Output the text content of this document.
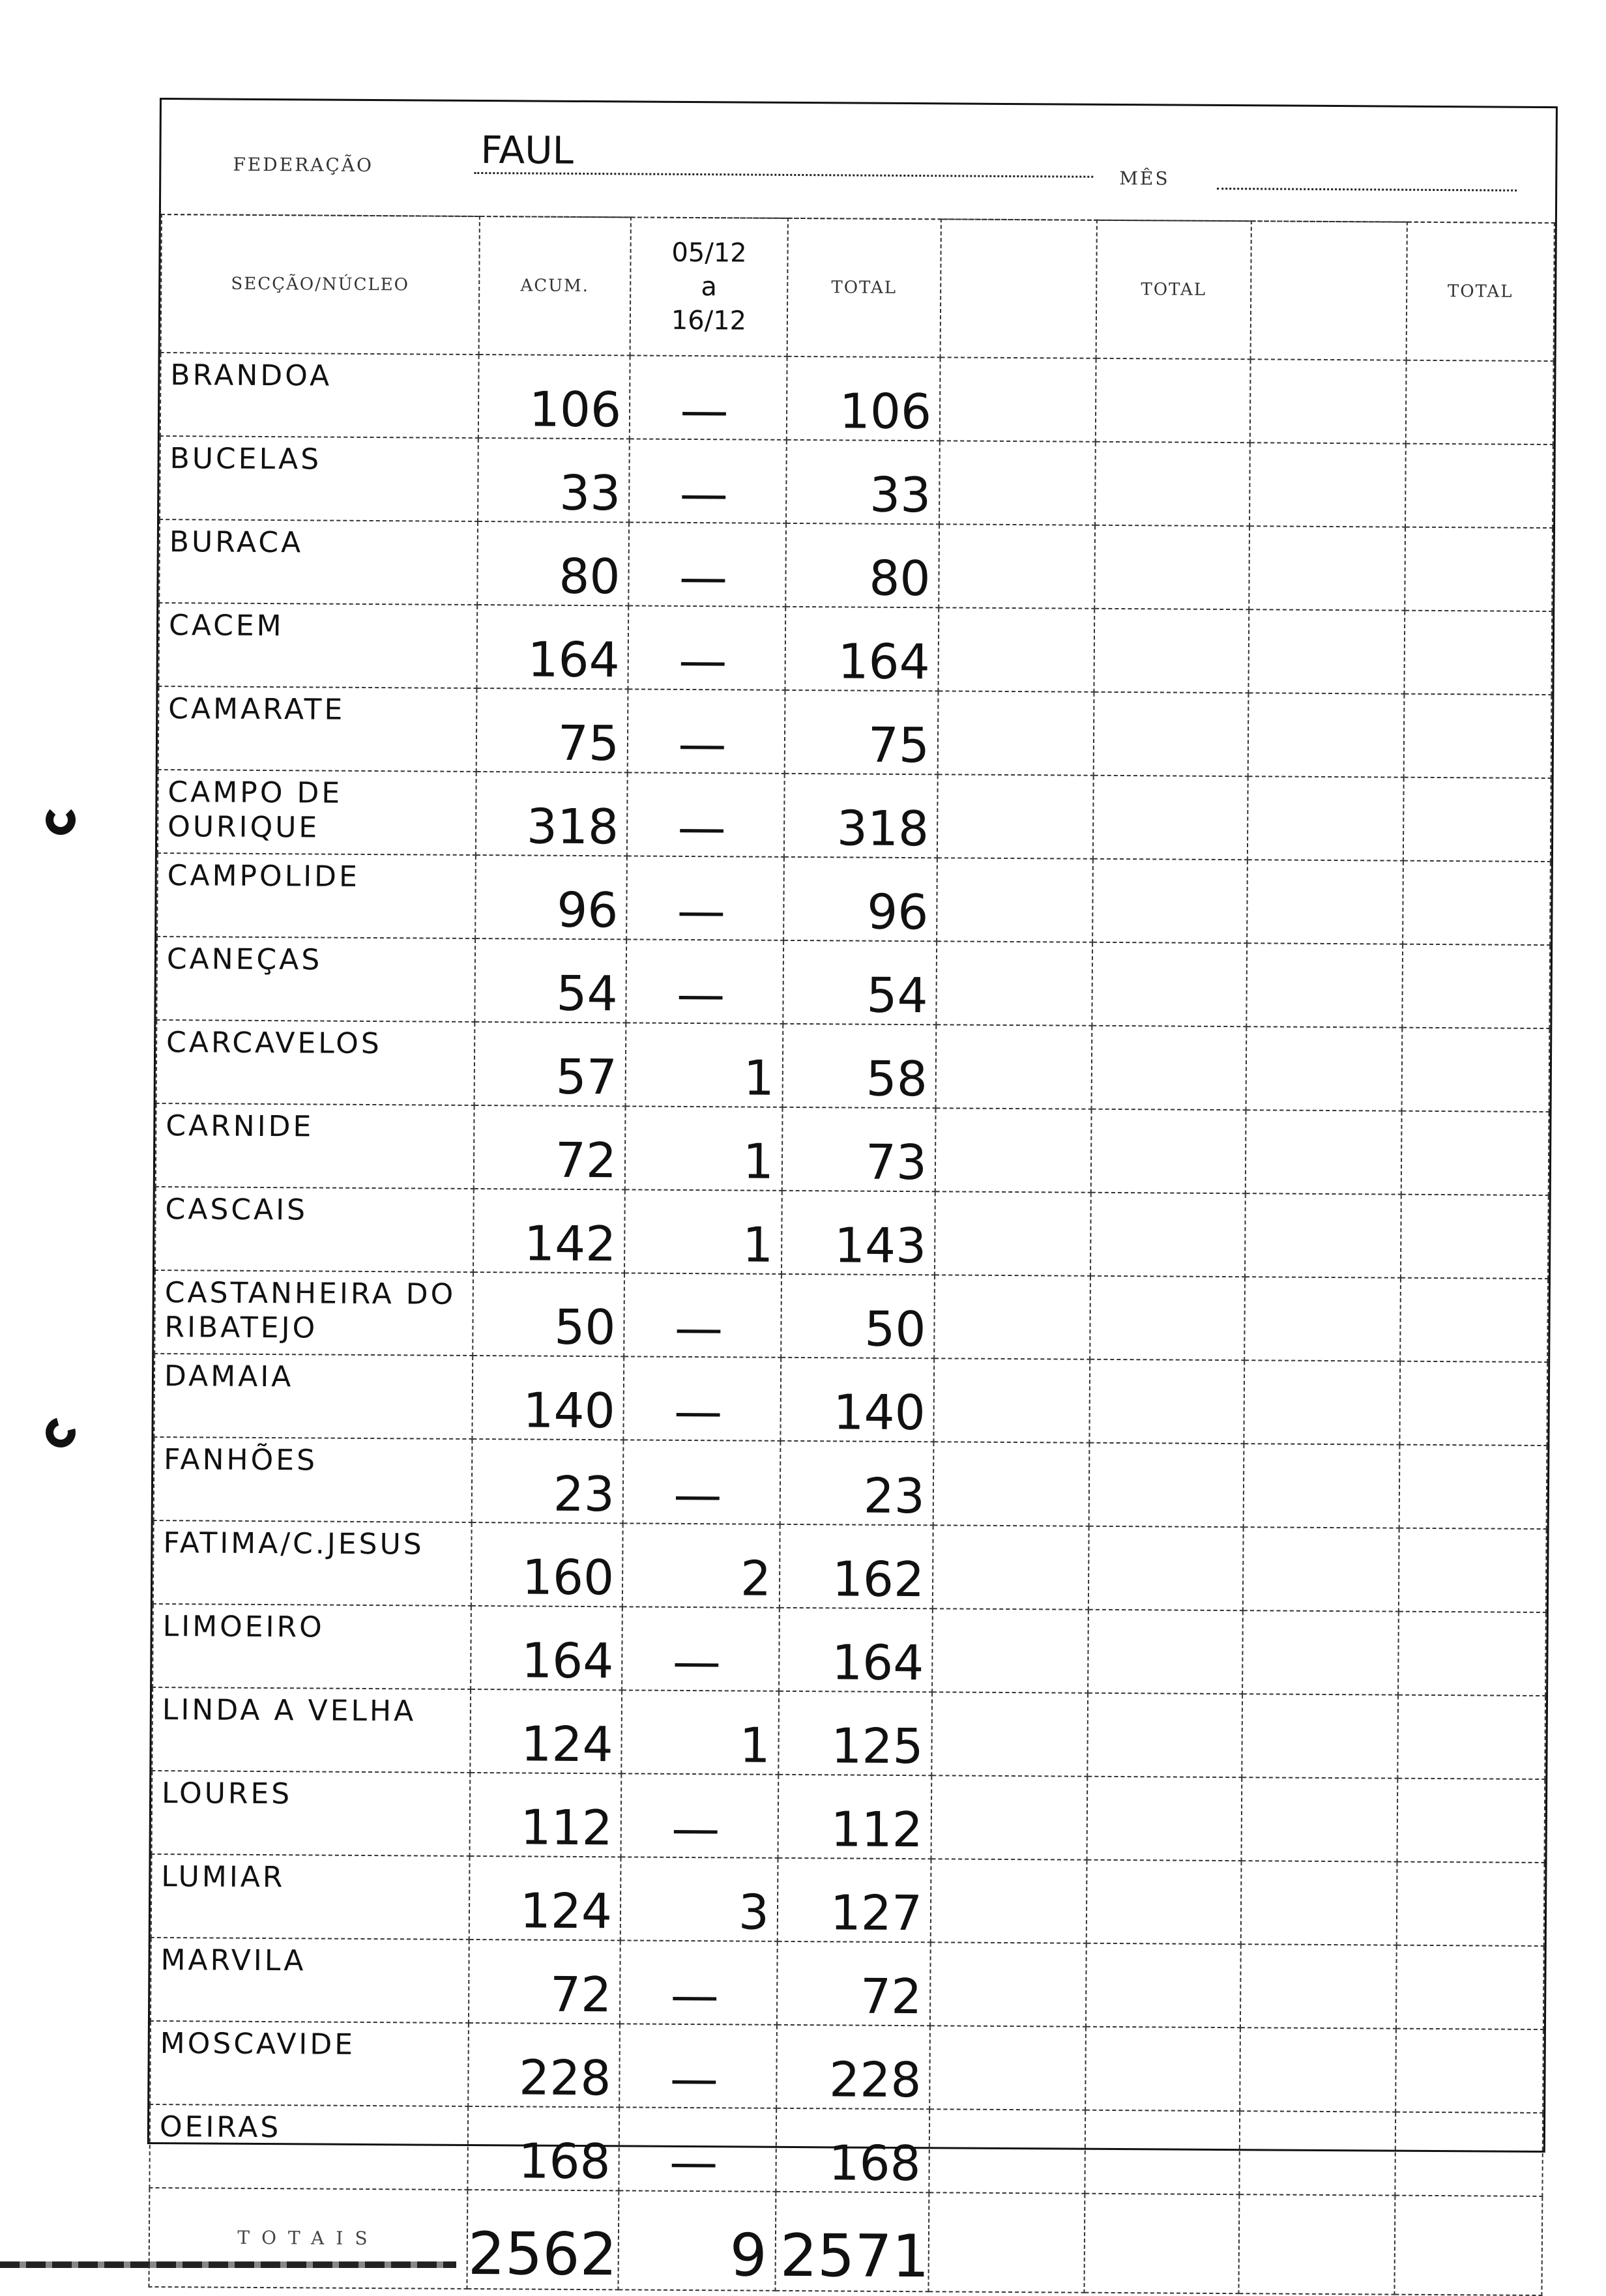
FEDERAÇÃO	FAUL
MÊS
SECÇÃO/NÚCLEO	ACUM.	05/12
a
16/12	TOTAL		TOTAL		TOTAL
BRANDOA	106	—	106				
BUCELAS	33	—	33				
BURACA	80	—	80				
CACEM	164	—	164				
CAMARATE	75	—	75				
CAMPO DE OURIQUE	318	—	318				
CAMPOLIDE	96	—	96				
CANEÇAS	54	—	54				
CARCAVELOS	57	1	58				
CARNIDE	72	1	73				
CASCAIS	142	1	143				
CASTANHEIRA DO RIBATEJO	50	—	50				
DAMAIA	140	—	140				
FANHÕES	23	—	23				
FATIMA/C.JESUS	160	2	162				
LIMOEIRO	164	—	164				
LINDA A VELHA	124	1	125				
LOURES	112	—	112				
LUMIAR	124	3	127				
MARVILA	72	—	72				
MOSCAVIDE	228	—	228				
OEIRAS	168	—	168				
TOTAIS	2562	9	2571				
